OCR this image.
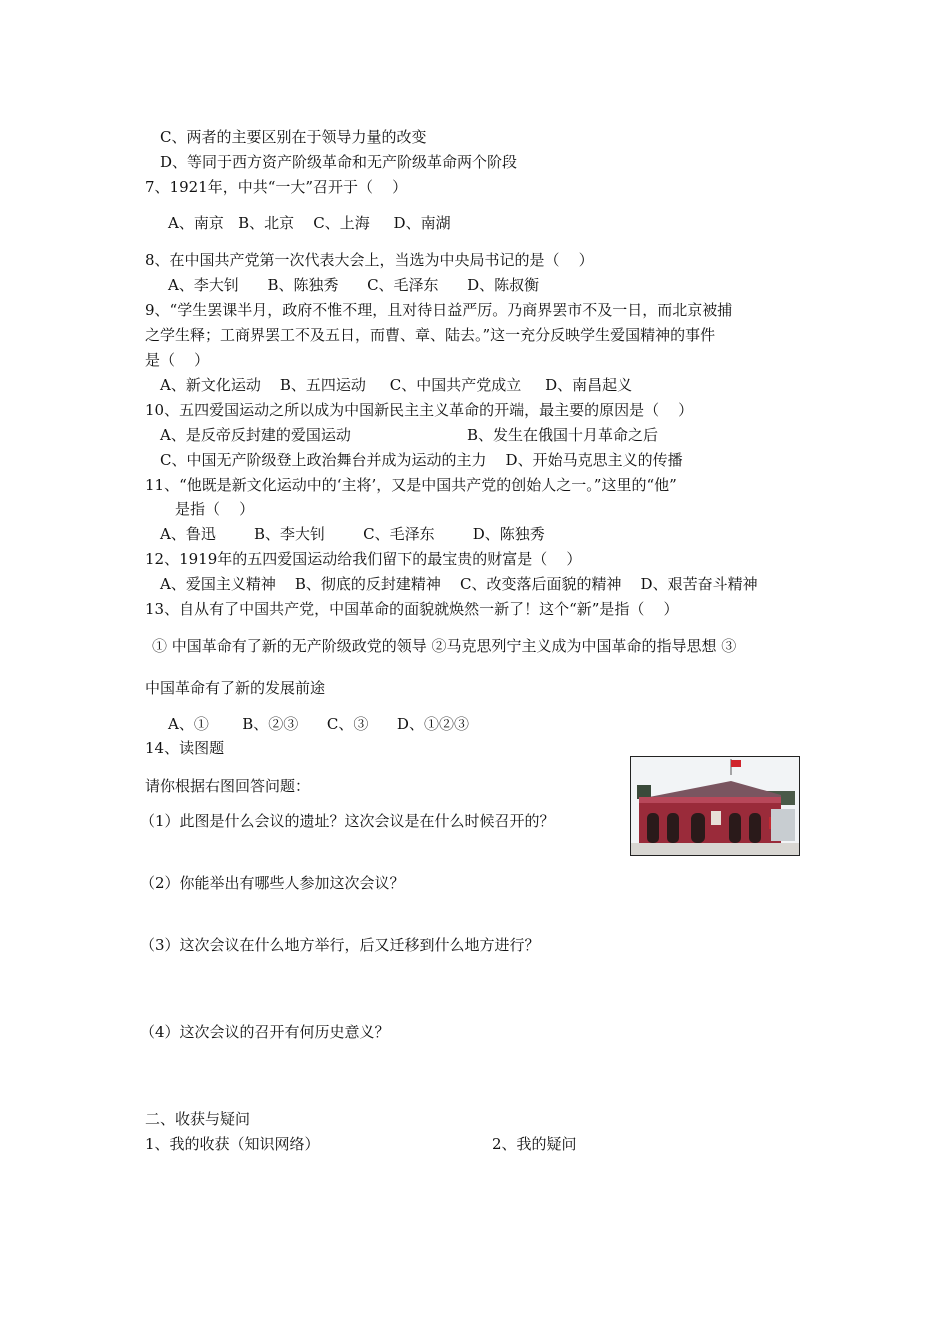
C、两者的主要区别在于领导力量的改变
D、等同于西方资产阶级革命和无产阶级革命两个阶段
7、1921年，中共“一大”召开于（    ）
A、南京   B、北京    C、上海     D、南湖
8、在中国共产党第一次代表大会上，当选为中央局书记的是（    ）
A、李大钊      B、陈独秀      C、毛泽东      D、陈叔衡
9、“学生罢课半月，政府不惟不理，且对待日益严厉。乃商界罢市不及一日，而北京被捕
之学生释；工商界罢工不及五日，而曹、章、陆去。”这一充分反映学生爱国精神的事件
是（    ）
A、新文化运动    B、五四运动     C、中国共产党成立     D、南昌起义
10、五四爱国运动之所以成为中国新民主主义革命的开端，最主要的原因是（    ）
A、是反帝反封建的爱国运动	B、发生在俄国十月革命之后
C、中国无产阶级登上政治舞台并成为运动的主力    D、开始马克思主义的传播
11、“他既是新文化运动中的‘主将’，又是中国共产党的创始人之一。”这里的“他”
是指（    ）
A、鲁迅        B、李大钊        C、毛泽东        D、陈独秀
12、1919年的五四爱国运动给我们留下的最宝贵的财富是（    ）
A、爱国主义精神    B、彻底的反封建精神    C、改变落后面貌的精神    D、艰苦奋斗精神
13、自从有了中国共产党，中国革命的面貌就焕然一新了！这个“新”是指（    ）
① 中国革命有了新的无产阶级政党的领导 ②马克思列宁主义成为中国革命的指导思想 ③
中国革命有了新的发展前途
A、①       B、②③      C、③      D、①②③
14、读图题
请你根据右图回答问题：
（1）此图是什么会议的遗址？这次会议是在什么时候召开的？
（2）你能举出有哪些人参加这次会议？
（3）这次会议在什么地方举行，后又迁移到什么地方进行？
（4）这次会议的召开有何历史意义？
二、收获与疑问
1、我的收获（知识网络）	2、我的疑问
